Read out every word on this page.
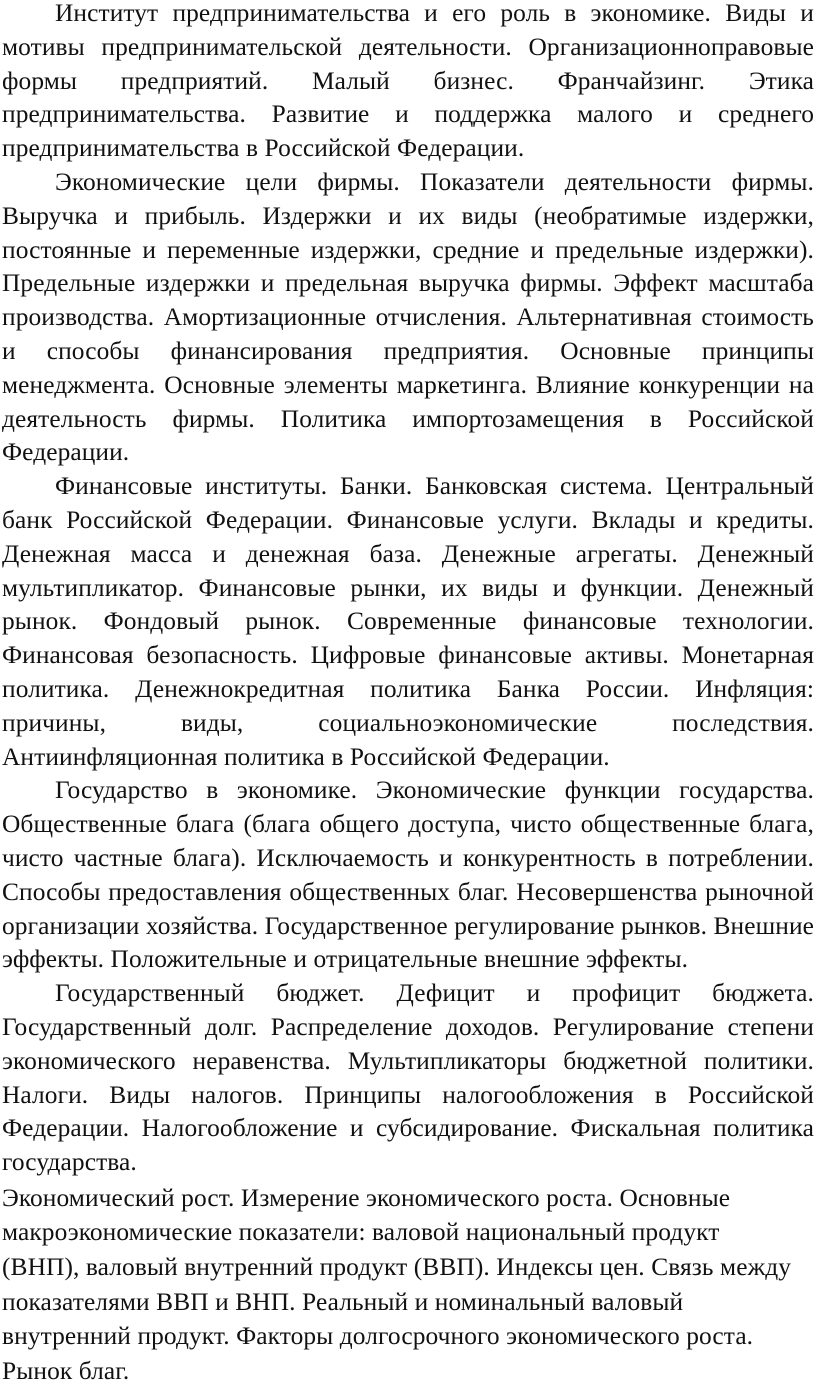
Институт предпринимательства и его роль в экономике. Виды и мотивы предпринимательской деятельности. Организационноправовые формы предприятий. Малый бизнес. Франчайзинг. Этика предпринимательства. Развитие и поддержка малого и среднего предпринимательства в Российской Федерации.

Экономические цели фирмы. Показатели деятельности фирмы. Выручка и прибыль. Издержки и их виды (необратимые издержки, постоянные и переменные издержки, средние и предельные издержки). Предельные издержки и предельная выручка фирмы. Эффект масштаба производства. Амортизационные отчисления. Альтернативная стоимость и способы финансирования предприятия. Основные принципы менеджмента. Основные элементы маркетинга. Влияние конкуренции на деятельность фирмы. Политика импортозамещения в Российской Федерации.

Финансовые институты. Банки. Банковская система. Центральный банк Российской Федерации. Финансовые услуги. Вклады и кредиты. Денежная масса и денежная база. Денежные агрегаты. Денежный мультипликатор. Финансовые рынки, их виды и функции. Денежный рынок. Фондовый рынок. Современные финансовые технологии. Финансовая безопасность. Цифровые финансовые активы. Монетарная политика. Денежнокредитная политика Банка России. Инфляция: причины, виды, социальноэкономические последствия. Антиинфляционная политика в Российской Федерации.

Государство в экономике. Экономические функции государства. Общественные блага (блага общего доступа, чисто общественные блага, чисто частные блага). Исключаемость и конкурентность в потреблении. Способы предоставления общественных благ. Несовершенства рыночной организации хозяйства. Государственное регулирование рынков. Внешние эффекты. Положительные и отрицательные внешние эффекты.

Государственный бюджет. Дефицит и профицит бюджета. Государственный долг. Распределение доходов. Регулирование степени экономического неравенства. Мультипликаторы бюджетной политики. Налоги. Виды налогов. Принципы налогообложения в Российской Федерации. Налогообложение и субсидирование. Фискальная политика государства.

Экономический рост. Измерение экономического роста. Основные макроэкономические показатели: валовой национальный продукт (ВНП), валовый внутренний продукт (ВВП). Индексы цен. Связь между показателями ВВП и ВНП. Реальный и номинальный валовый внутренний продукт. Факторы долгосрочного экономического роста. Рынок благ.
